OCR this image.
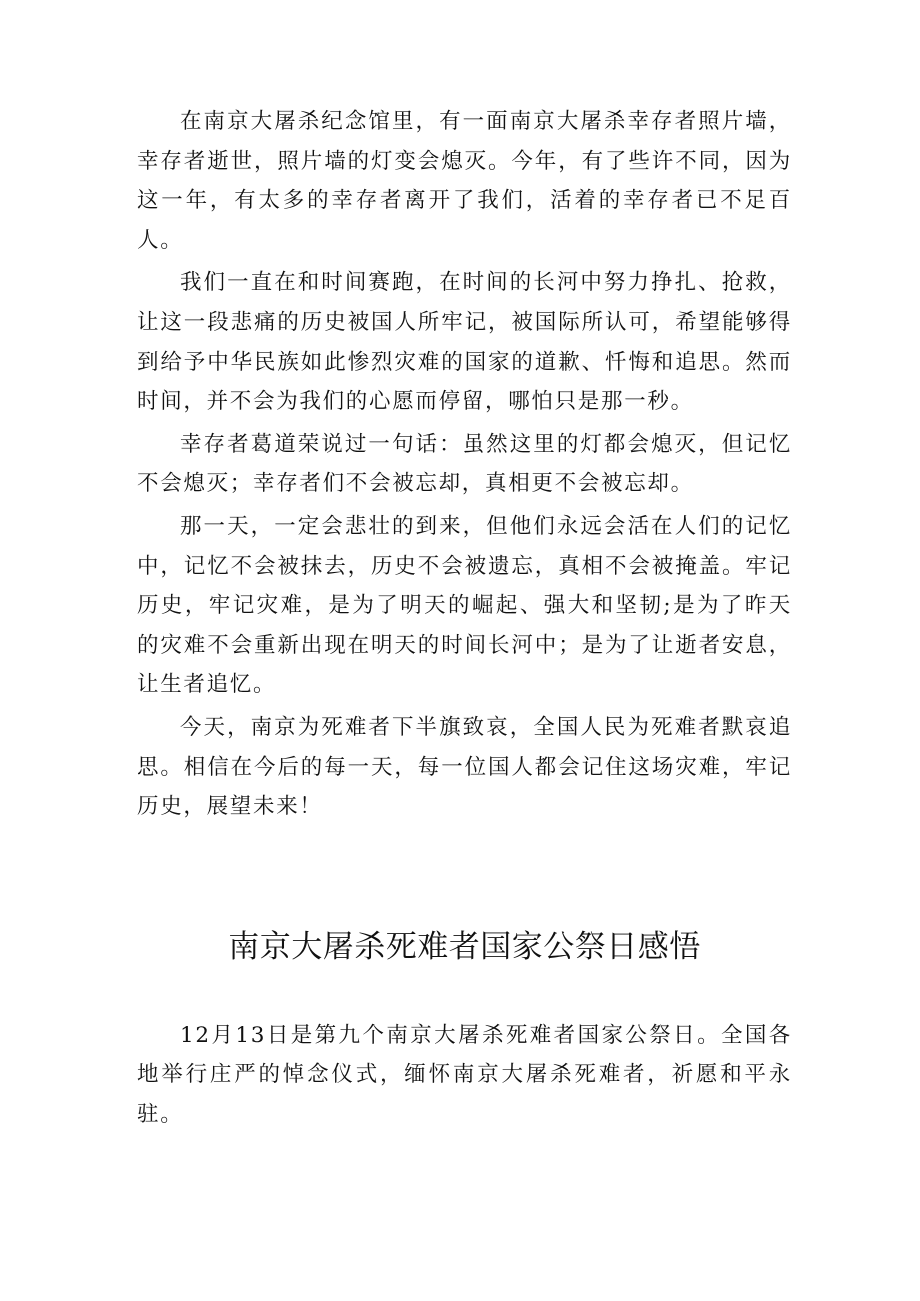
在南京大屠杀纪念馆里，有一面南京大屠杀幸存者照片墙，幸存者逝世，照片墙的灯变会熄灭。今年，有了些许不同，因为这一年，有太多的幸存者离开了我们，活着的幸存者已不足百人。

我们一直在和时间赛跑，在时间的长河中努力挣扎、抢救，让这一段悲痛的历史被国人所牢记，被国际所认可，希望能够得到给予中华民族如此惨烈灾难的国家的道歉、忏悔和追思。然而时间，并不会为我们的心愿而停留，哪怕只是那一秒。

幸存者葛道荣说过一句话：虽然这里的灯都会熄灭，但记忆不会熄灭；幸存者们不会被忘却，真相更不会被忘却。

那一天，一定会悲壮的到来，但他们永远会活在人们的记忆中，记忆不会被抹去，历史不会被遗忘，真相不会被掩盖。牢记历史，牢记灾难，是为了明天的崛起、强大和坚韧;是为了昨天的灾难不会重新出现在明天的时间长河中；是为了让逝者安息，让生者追忆。

今天，南京为死难者下半旗致哀，全国人民为死难者默哀追思。相信在今后的每一天，每一位国人都会记住这场灾难，牢记历史，展望未来！

南京大屠杀死难者国家公祭日感悟

12月13日是第九个南京大屠杀死难者国家公祭日。全国各地举行庄严的悼念仪式，缅怀南京大屠杀死难者，祈愿和平永驻。
